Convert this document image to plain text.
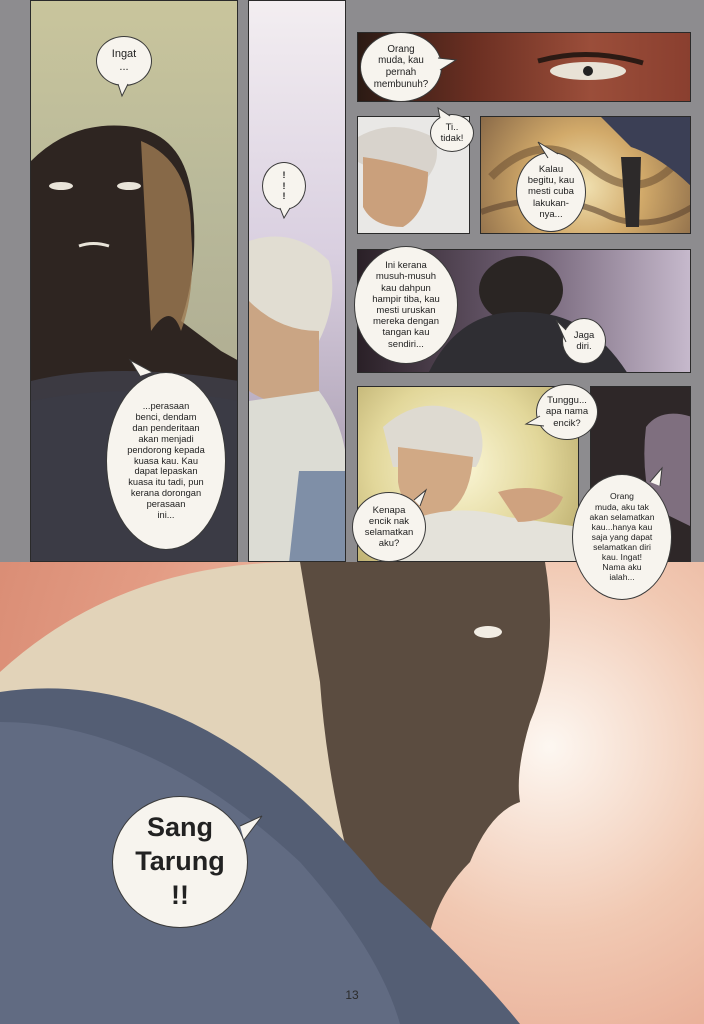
Ingat
...
...perasaan
benci, dendam
dan penderitaan
akan menjadi
pendorong kepada
kuasa kau. Kau
dapat lepaskan
kuasa itu tadi, pun
kerana dorongan
perasaan
ini...
!
!
!
Orang
muda, kau
pernah
membunuh?
Ti..
tidak!
Kalau
begitu, kau
mesti cuba
lakukan-
nya...
Ini kerana
musuh-musuh
kau dahpun
hampir tiba, kau
mesti uruskan
mereka dengan
tangan kau
sendiri...
Jaga
diri.
Tunggu...
apa nama
encik?
Kenapa
encik nak
selamatkan
aku?
Orang
muda, aku tak
akan selamatkan
kau...hanya kau
saja yang dapat
selamatkan diri
kau. Ingat!
Nama aku
ialah...
Sang
Tarung
!!
13
